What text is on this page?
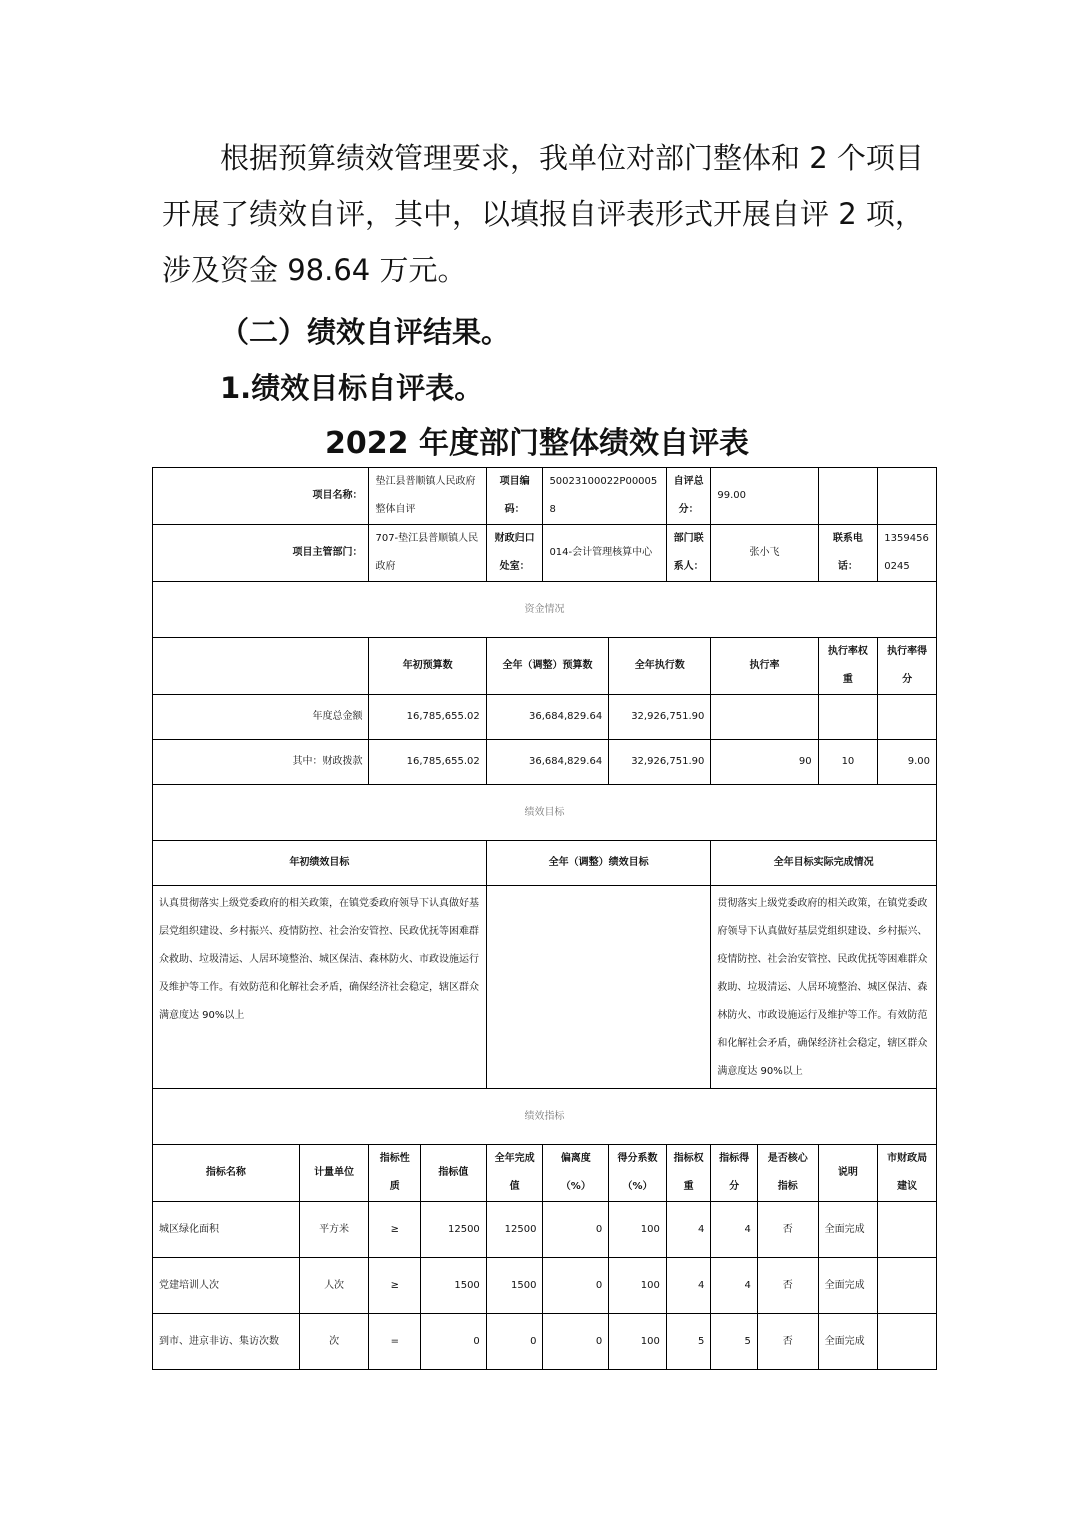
根据预算绩效管理要求，我单位对部门整体和 2 个项目
开展了绩效自评，其中，以填报自评表形式开展自评 2 项，
涉及资金 98.64 万元。
（二）绩效自评结果。
1.绩效目标自评表。
2022 年度部门整体绩效自评表
项目名称：		垫江县普顺镇人民政府整体自评		项目编码：	50023100022P000058		自评总分：	99.00			
项目主管部门：		707-垫江县普顺镇人民政府		财政归口处室：	014-会计管理核算中心		部门联系人：	张小飞		联系电话：	13594560245
资金情况											
		年初预算数		全年（调整）预算数		全年执行数		执行率		执行率权重	执行率得分
年度总金额		16,785,655.02		36,684,829.64		32,926,751.90					
其中：财政拨款		16,785,655.02		36,684,829.64		32,926,751.90		90		10	9.00
绩效目标											
年初绩效目标				全年（调整）绩效目标				全年目标实际完成情况			
认真贯彻落实上级党委政府的相关政策，在镇党委政府领导下认真做好基层党组织建设、乡村振兴、疫情防控、社会治安管控、民政优抚等困难群众救助、垃圾清运、人居环境整治、城区保洁、森林防火、市政设施运行及维护等工作。有效防范和化解社会矛盾，确保经济社会稳定，辖区群众满意度达 90%以上								贯彻落实上级党委政府的相关政策，在镇党委政府领导下认真做好基层党组织建设、乡村振兴、疫情防控、社会治安管控、民政优抚等困难群众救助、垃圾清运、人居环境整治、城区保洁、森林防火、市政设施运行及维护等工作。有效防范和化解社会矛盾，确保经济社会稳定，辖区群众满意度达 90%以上			
绩效指标											
指标名称	计量单位	指标性质	指标值	全年完成值	偏离度（%）	得分系数（%）	指标权重	指标得分	是否核心指标	说明	市财政局建议
城区绿化面积	平方米	≥	12500	12500	0	100	4	4	否	全面完成	
党建培训人次	人次	≥	1500	1500	0	100	4	4	否	全面完成	
到市、进京非访、集访次数	次	=	0	0	0	100	5	5	否	全面完成	
